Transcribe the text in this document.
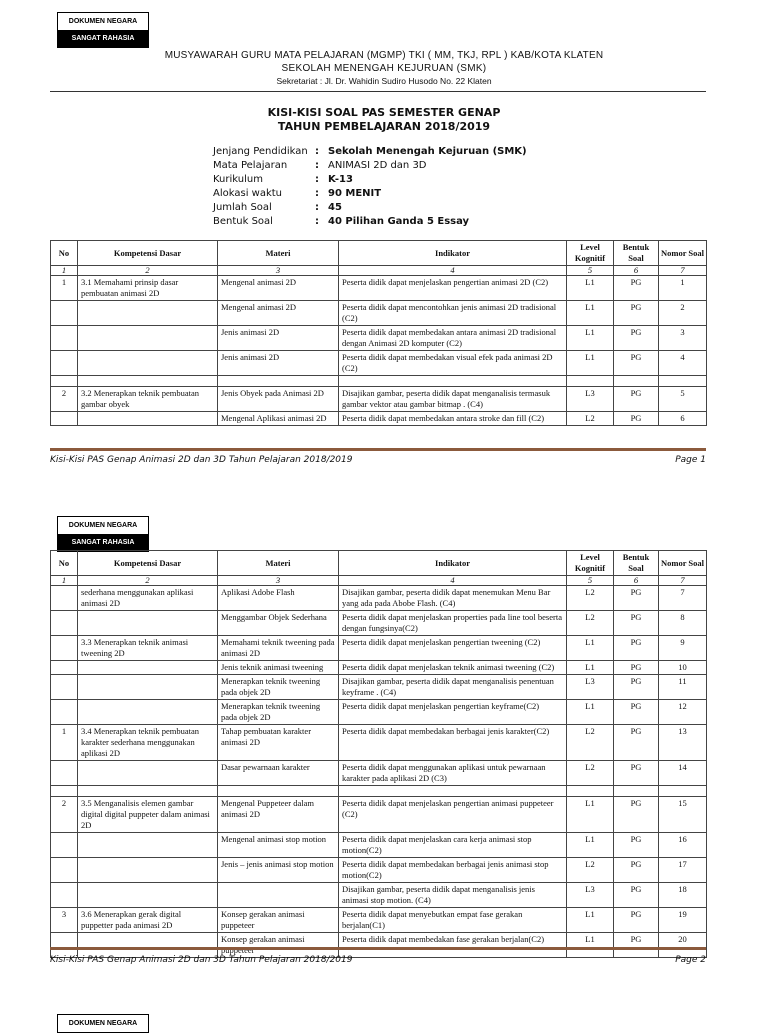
DOKUMEN NEGARA
SANGAT RAHASIA
MUSYAWARAH GURU MATA PELAJARAN (MGMP) TKI ( MM, TKJ, RPL ) KAB/KOTA KLATEN
SEKOLAH MENENGAH KEJURUAN (SMK)
Sekretariat : Jl. Dr. Wahidin Sudiro Husodo No. 22 Klaten
KISI-KISI SOAL PAS SEMESTER GENAP
TAHUN PEMBELAJARAN 2018/2019
Jenjang Pendidikan : Sekolah Menengah Kejuruan (SMK)
Mata Pelajaran	: ANIMASI 2D dan 3D
Kurikulum	: K-13
Alokasi waktu	: 90 MENIT
Jumlah Soal	: 45
Bentuk Soal	: 40 Pilihan Ganda 5 Essay
No	Kompetensi Dasar	Materi	Indikator	Level Kognitif	Bentuk Soal	Nomor Soal
1	2	3	4	5	6	7
1	3.1 Memahami prinsip dasar pembuatan animasi 2D	Mengenal animasi 2D	Peserta didik dapat menjelaskan pengertian animasi 2D (C2)	L1	PG	1
		Mengenal animasi 2D	Peserta didik dapat mencontohkan jenis animasi 2D tradisional (C2)	L1	PG	2
		Jenis animasi 2D	Peserta didik dapat membedakan antara animasi 2D tradisional dengan Animasi 2D komputer (C2)	L1	PG	3
		Jenis animasi 2D	Peserta didik dapat membedakan visual efek pada animasi 2D (C2)	L1	PG	4

2	3.2 Menerapkan teknik pembuatan gambar obyek	Jenis Obyek pada Animasi 2D	Disajikan gambar, peserta didik dapat menganalisis termasuk gambar vektor atau gambar bitmap . (C4)	L3	PG	5
		Mengenal Aplikasi animasi 2D	Peserta didik dapat membedakan antara stroke dan fill (C2)	L2	PG	6
Kisi-Kisi PAS Genap Animasi 2D dan 3D Tahun Pelajaran 2018/2019	Page 1
DOKUMEN NEGARA
SANGAT RAHASIA
No	Kompetensi Dasar	Materi	Indikator	Level Kognitif	Bentuk Soal	Nomor Soal
1	2	3	4	5	6	7
	sederhana menggunakan aplikasi animasi 2D	Aplikasi Adobe Flash	Disajikan gambar, peserta didik dapat menemukan Menu Bar yang ada pada Abobe Flash. (C4)	L2	PG	7
		Menggambar Objek Sederhana	Peserta didik dapat menjelaskan properties pada line tool beserta dengan fungsinya(C2)	L2	PG	8
	3.3 Menerapkan teknik animasi tweening 2D	Memahami teknik tweening pada animasi 2D	Peserta didik dapat menjelaskan pengertian tweening (C2)	L1	PG	9
		Jenis teknik animasi tweening	Peserta didik dapat menjelaskan teknik animasi tweening (C2)	L1	PG	10
		Menerapkan teknik tweening pada objek 2D	Disajikan gambar, peserta didik dapat menganalisis penentuan keyframe . (C4)	L3	PG	11
		Menerapkan teknik tweening pada objek 2D	Peserta didik dapat menjelaskan pengertian keyframe(C2)	L1	PG	12
1	3.4 Menerapkan teknik pembuatan karakter sederhana menggunakan aplikasi 2D	Tahap pembuatan karakter animasi 2D	Peserta didik dapat membedakan berbagai jenis karakter(C2)	L2	PG	13
		Dasar pewarnaan karakter	Peserta didik dapat menggunakan aplikasi untuk pewarnaan karakter pada aplikasi 2D (C3)	L2	PG	14

2	3.5 Menganalisis elemen gambar digital digital puppeter dalam animasi 2D	Mengenal Puppeteer dalam animasi 2D	Peserta didik dapat menjelaskan pengertian animasi puppeteer (C2)	L1	PG	15
		Mengenal animasi stop motion	Peserta didik dapat menjelaskan cara kerja animasi stop motion(C2)	L1	PG	16
		Jenis – jenis animasi stop motion	Peserta didik dapat membedakan berbagai jenis animasi stop motion(C2)	L2	PG	17
			Disajikan gambar, peserta didik dapat menganalisis jenis animasi stop motion. (C4)	L3	PG	18
3	3.6 Menerapkan gerak digital puppetter pada animasi 2D	Konsep gerakan animasi puppeteer	Peserta didik dapat menyebutkan empat fase gerakan berjalan(C1)	L1	PG	19
		Konsep gerakan animasi puppeteer	Peserta didik dapat membedakan fase gerakan berjalan(C2)	L1	PG	20
Kisi-Kisi PAS Genap Animasi 2D dan 3D Tahun Pelajaran 2018/2019	Page 2
DOKUMEN NEGARA
